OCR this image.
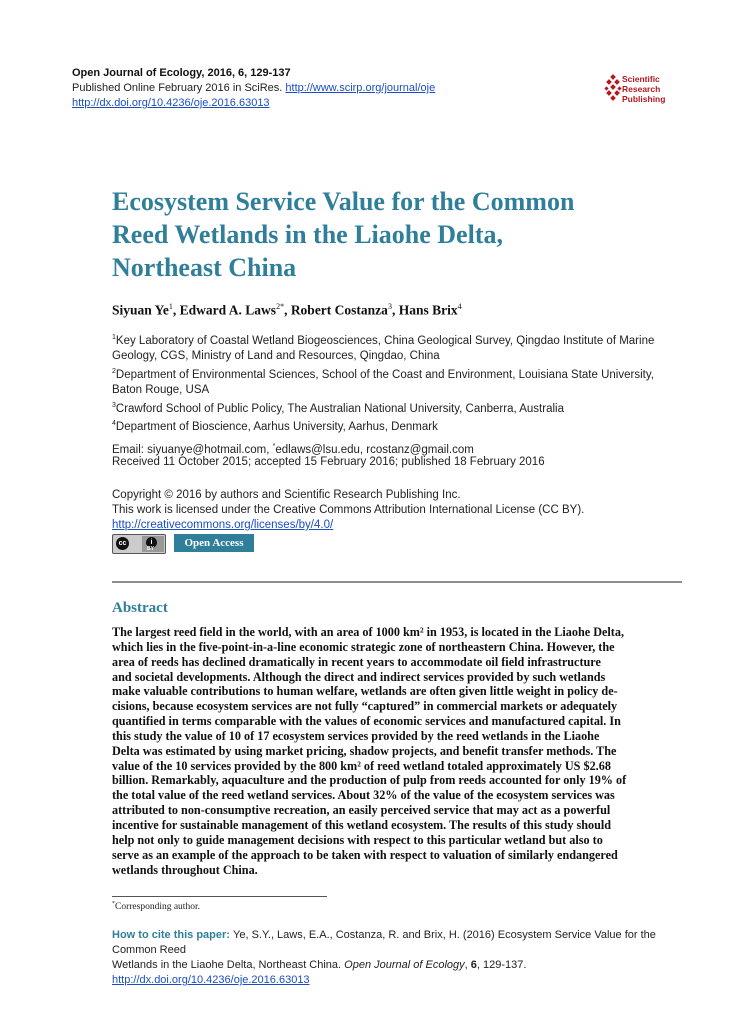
Open Journal of Ecology, 2016, 6, 129-137
Published Online February 2016 in SciRes. http://www.scirp.org/journal/oje
http://dx.doi.org/10.4236/oje.2016.63013
Scientific
Research
Publishing
Ecosystem Service Value for the Common
Reed Wetlands in the Liaohe Delta,
Northeast China
Siyuan Ye$^1$, Edward A. Laws$^{2*}$, Robert Costanza$^3$, Hans Brix$^4$
$^1$Key Laboratory of Coastal Wetland Biogeosciences, China Geological Survey, Qingdao Institute of Marine
Geology, CGS, Ministry of Land and Resources, Qingdao, China
$^2$Department of Environmental Sciences, School of the Coast and Environment, Louisiana State University,
Baton Rouge, USA
$^3$Crawford School of Public Policy, The Australian National University, Canberra, Australia
$^4$Department of Bioscience, Aarhus University, Aarhus, Denmark
Email: siyuanye@hotmail.com, *edlaws@lsu.edu, rcostanz@gmail.com
Received 11 October 2015; accepted 15 February 2016; published 18 February 2016
Copyright © 2016 by authors and Scientific Research Publishing Inc.
This work is licensed under the Creative Commons Attribution International License (CC BY).
http://creativecommons.org/licenses/by/4.0/
cc	i
BY	Open Access
Abstract
The largest reed field in the world, with an area of 1000 km² in 1953, is located in the Liaohe Delta,
which lies in the five-point-in-a-line economic strategic zone of northeastern China. However, the
area of reeds has declined dramatically in recent years to accommodate oil field infrastructure
and societal developments. Although the direct and indirect services provided by such wetlands
make valuable contributions to human welfare, wetlands are often given little weight in policy de-
cisions, because ecosystem services are not fully “captured” in commercial markets or adequately
quantified in terms comparable with the values of economic services and manufactured capital. In
this study the value of 10 of 17 ecosystem services provided by the reed wetlands in the Liaohe
Delta was estimated by using market pricing, shadow projects, and benefit transfer methods. The
value of the 10 services provided by the 800 km² of reed wetland totaled approximately US $2.68
billion. Remarkably, aquaculture and the production of pulp from reeds accounted for only 19% of
the total value of the reed wetland services. About 32% of the value of the ecosystem services was
attributed to non-consumptive recreation, an easily perceived service that may act as a powerful
incentive for sustainable management of this wetland ecosystem. The results of this study should
help not only to guide management decisions with respect to this particular wetland but also to
serve as an example of the approach to be taken with respect to valuation of similarly endangered
wetlands throughout China.
*Corresponding author.
How to cite this paper: Ye, S.Y., Laws, E.A., Costanza, R. and Brix, H. (2016) Ecosystem Service Value for the Common Reed
Wetlands in the Liaohe Delta, Northeast China. Open Journal of Ecology, 6, 129-137.
http://dx.doi.org/10.4236/oje.2016.63013
